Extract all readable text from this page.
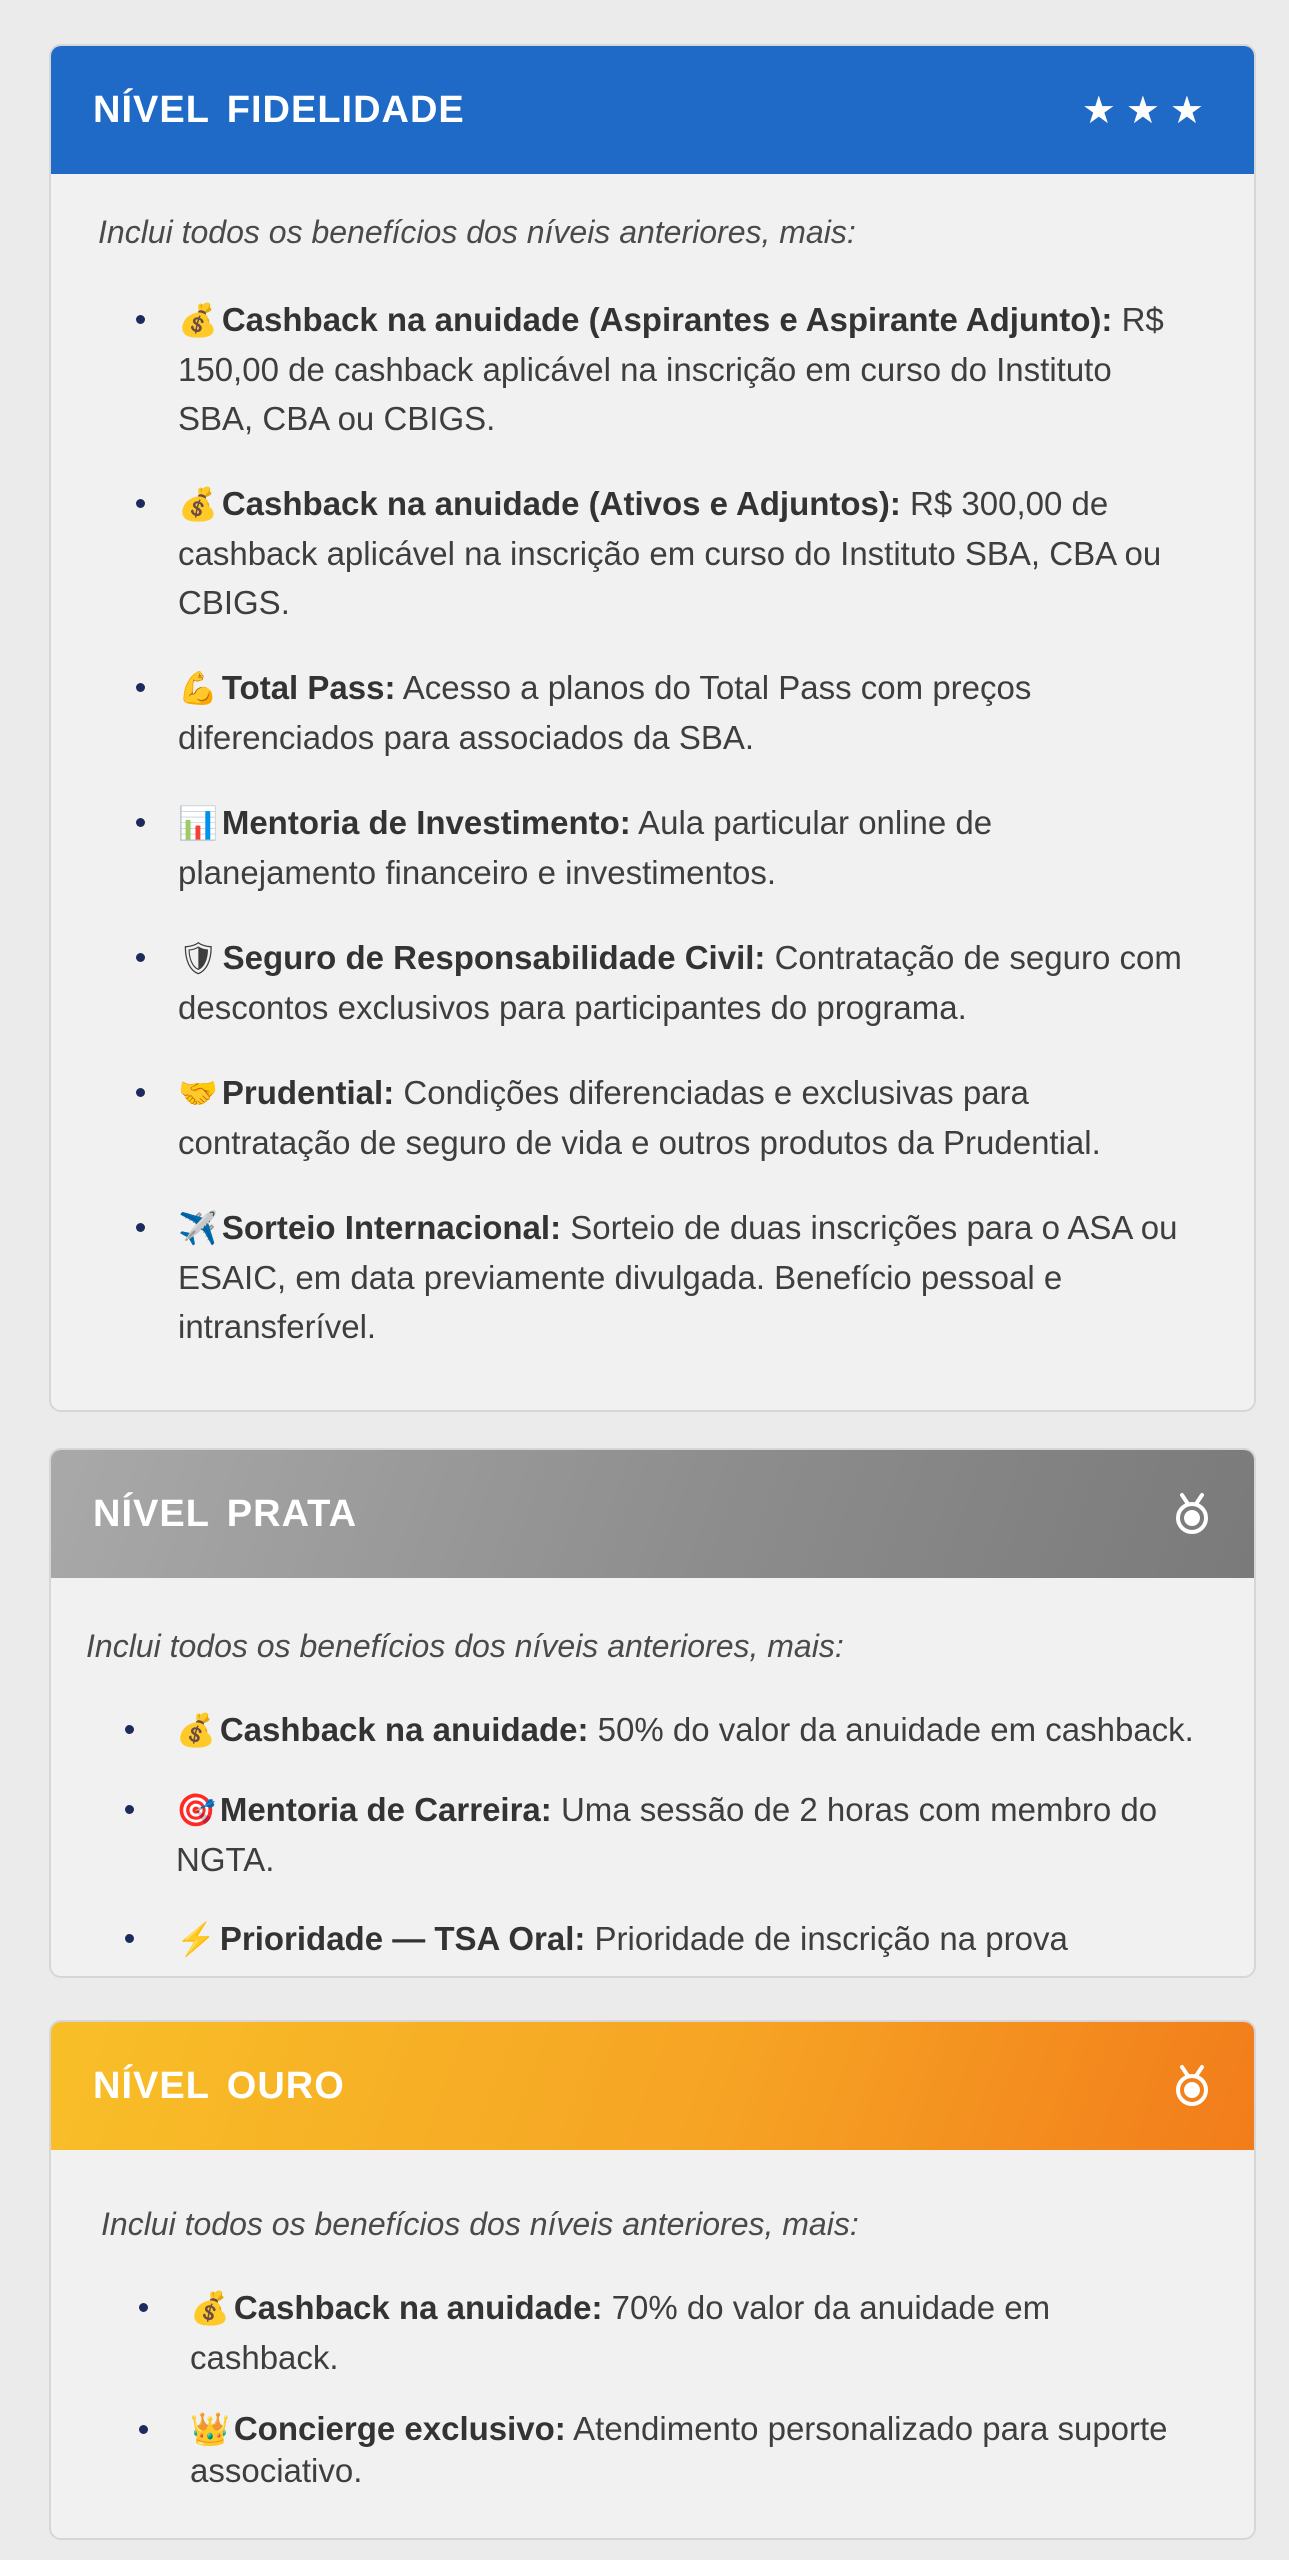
NÍVEL FIDELIDADE	★★★

Inclui todos os benefícios dos níveis anteriores, mais:

💰 Cashback na anuidade (Aspirantes e Aspirante Adjunto): R$ 150,00 de cashback aplicável na inscrição em curso do Instituto SBA, CBA ou CBIGS.
💰 Cashback na anuidade (Ativos e Adjuntos): R$ 300,00 de cashback aplicável na inscrição em curso do Instituto SBA, CBA ou CBIGS.
💪 Total Pass: Acesso a planos do Total Pass com preços diferenciados para associados da SBA.
📊 Mentoria de Investimento: Aula particular online de planejamento financeiro e investimentos.
🛡 Seguro de Responsabilidade Civil: Contratação de seguro com descontos exclusivos para participantes do programa.
🤝 Prudential: Condições diferenciadas e exclusivas para contratação de seguro de vida e outros produtos da Prudential.
✈️ Sorteio Internacional: Sorteio de duas inscrições para o ASA ou ESAIC, em data previamente divulgada. Benefício pessoal e intransferível.
NÍVEL PRATA

Inclui todos os benefícios dos níveis anteriores, mais:

💰 Cashback na anuidade: 50% do valor da anuidade em cashback.
🎯 Mentoria de Carreira: Uma sessão de 2 horas com membro do NGTA.
⚡ Prioridade — TSA Oral: Prioridade de inscrição na prova
NÍVEL OURO

Inclui todos os benefícios dos níveis anteriores, mais:

💰 Cashback na anuidade: 70% do valor da anuidade em cashback.
👑 Concierge exclusivo: Atendimento personalizado para suporte associativo.
